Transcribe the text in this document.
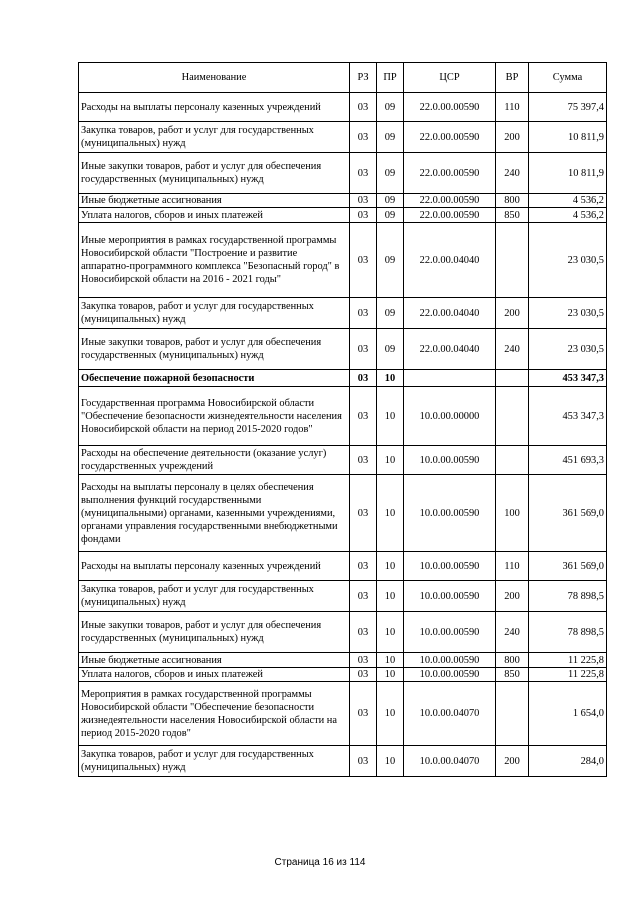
Наименование	РЗ	ПР	ЦСР	ВР	Сумма
Расходы на выплаты персоналу казенных учреждений	03	09	22.0.00.00590	110	75 397,4
Закупка товаров, работ и услуг для государственных (муниципальных) нужд	03	09	22.0.00.00590	200	10 811,9
Иные закупки товаров, работ и услуг для обеспечения государственных (муниципальных) нужд	03	09	22.0.00.00590	240	10 811,9
Иные бюджетные ассигнования	03	09	22.0.00.00590	800	4 536,2
Уплата налогов, сборов и иных платежей	03	09	22.0.00.00590	850	4 536,2
Иные мероприятия в рамках государственной программы Новосибирской области "Построение и развитие аппаратно-программного комплекса "Безопасный город" в Новосибирской области на 2016 - 2021 годы"	03	09	22.0.00.04040		23 030,5
Закупка товаров, работ и услуг для государственных (муниципальных) нужд	03	09	22.0.00.04040	200	23 030,5
Иные закупки товаров, работ и услуг для обеспечения государственных (муниципальных) нужд	03	09	22.0.00.04040	240	23 030,5
Обеспечение пожарной безопасности	03	10			453 347,3
Государственная программа Новосибирской области "Обеспечение безопасности жизнедеятельности населения Новосибирской области на период 2015-2020 годов"	03	10	10.0.00.00000		453 347,3
Расходы на обеспечение деятельности (оказание услуг) государственных учреждений	03	10	10.0.00.00590		451 693,3
Расходы на выплаты персоналу в целях обеспечения выполнения функций государственными (муниципальными) органами, казенными учреждениями, органами управления государственными внебюджетными фондами	03	10	10.0.00.00590	100	361 569,0
Расходы на выплаты персоналу казенных учреждений	03	10	10.0.00.00590	110	361 569,0
Закупка товаров, работ и услуг для государственных (муниципальных) нужд	03	10	10.0.00.00590	200	78 898,5
Иные закупки товаров, работ и услуг для обеспечения государственных (муниципальных) нужд	03	10	10.0.00.00590	240	78 898,5
Иные бюджетные ассигнования	03	10	10.0.00.00590	800	11 225,8
Уплата налогов, сборов и иных платежей	03	10	10.0.00.00590	850	11 225,8
Мероприятия в рамках государственной программы Новосибирской области "Обеспечение безопасности жизнедеятельности населения Новосибирской области на период 2015-2020 годов"	03	10	10.0.00.04070		1 654,0
Закупка товаров, работ и услуг для государственных (муниципальных) нужд	03	10	10.0.00.04070	200	284,0
Страница 16 из 114
